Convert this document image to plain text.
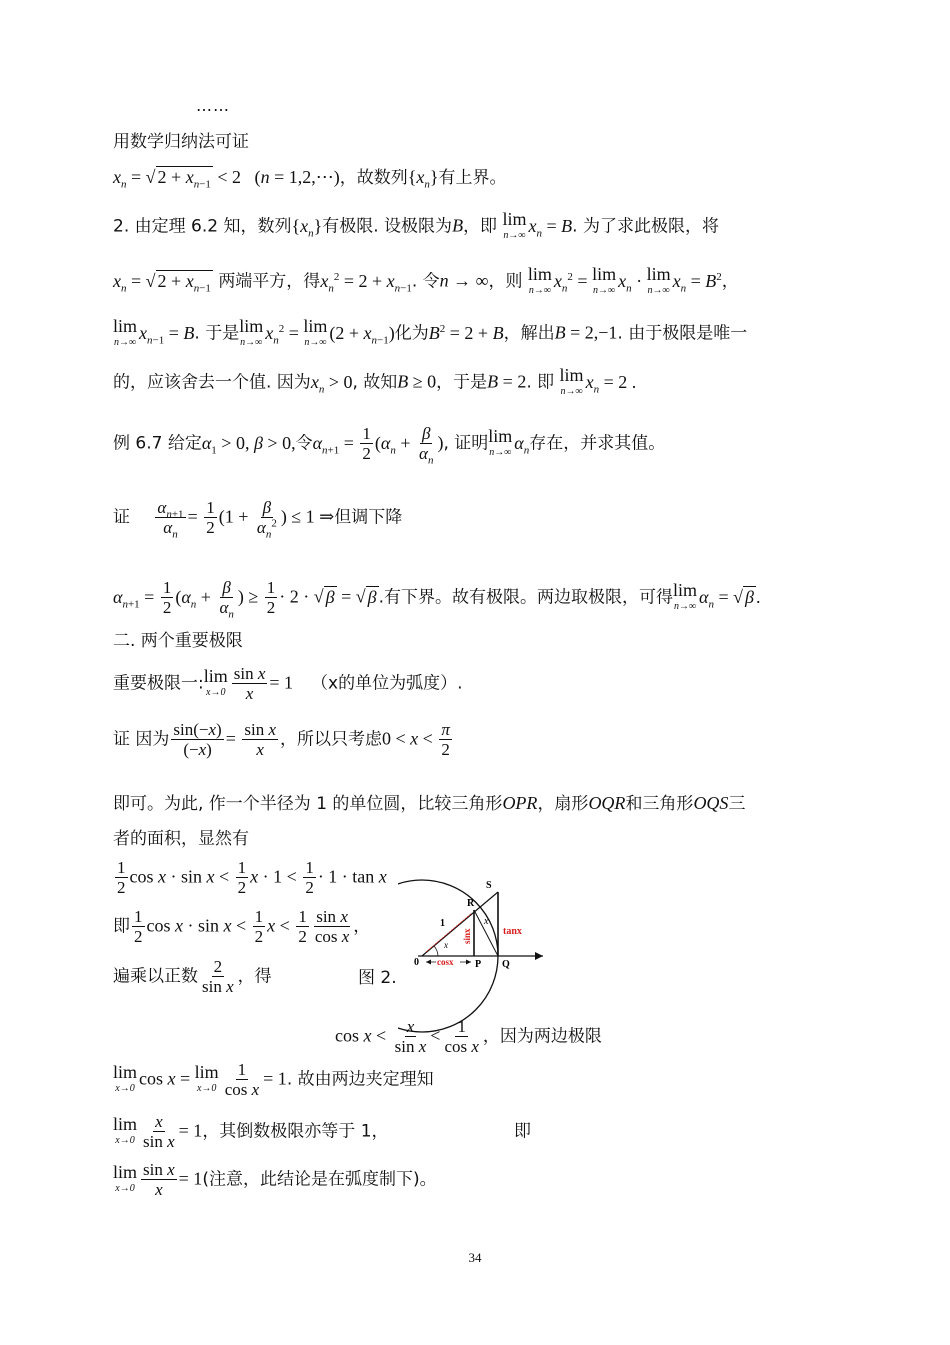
……
用数学归纳法可证
$x_n$ = √ $2 + x_{n-1} < 2$   (n = 1,2,⋯)，故数列$\{x_n\}$有上界。
2. 由定理 6.2 知，数列$\{x_n\}$有极限. 设极限为B，即 lim
n→∞ $x_n = B$. 为了求此极限，将
$x_n$ = √ $2 + x_{n-1}$ 两端平方，得$x_n^2 = 2 + x_{n-1}$. 令n → ∞，则 lim
n→∞ $x_n^2 = \lim$
n→∞ $x_n \cdot \lim$
n→∞ $x_n = B^2$，
lim
n→∞ $x_{n-1} = B$. 于是 lim
n→∞ $x_n^2 = \lim$
n→∞ $(2 + x_{n-1})$化为$B^2 = 2 + B$，解出B = 2,−1. 由于极限是唯一
的，应该舍去一个值. 因为$x_n > 0$, 故知B ≥ 0，于是B = 2. 即 lim
n→∞ $x_n = 2$ .
例 6.7 给定$\alpha_1 > 0$, β > 0,令$\alpha_{n+1} = \frac{1}{2} (\alpha_n + \frac{\beta}{\alpha_n}$ ), 证明 lim
n→∞ $\alpha_n$存在，并求其值。
证 $\frac{\alpha_{n+1}}{\alpha_n} = \frac{1}{2} (1 + \frac{\beta}{\alpha_n^2}$ ) ≤ 1 ⇒但调下降
$\alpha_{n+1} = \frac{1}{2} (\alpha_n + \frac{\beta}{\alpha_n}$ ) ≥ $\frac{1}{2} \cdot 2$ · √ β = √ β .有下界。故有极限。两边取极限，可得 lim
n→∞ $\alpha_n$ = √ β .
二. 两个重要极限
重要极限一: lim
$x\to 0 \frac{\text{sin x}}{x} = 1$ （x的单位为弧度）.
证 因为 $\frac{\sin(-x)}{(-x)} = \frac{\text{sin x}}{x}$ ，所以只考虑$0 < x < \frac{\pi}{2}$
即可。为此, 作一个半径为 1 的单位圆，比较三角形OPR，扇形OQR和三角形OQS三
者的面积，显然有
$\frac{1}{2}$ $\cos x \cdot \sin x < \frac{1}{2}$ $x \cdot 1 < \frac{1}{2} \cdot 1 \cdot \tan x$
即 $\frac{1}{2}$ $\cos x \cdot \sin x < \frac{1}{2}$ $x < \frac{1}{2} \frac{\text{sin x}}{\text{cos x}}$ ，
遍乘以正数 $\frac{2}{\text{sin x}}$ ，得	图 2.
$\cos x < \frac{x}{\text{sin x}} < \frac{1}{\text{cos x}}$ ，因为两边极限
lim
x→0 cos x = lim
$x\to 0 \frac{1}{\text{cos x}} = 1$. 故由两边夹定理知
lim
$x\to 0 \frac{x}{\text{sin x}} = 1$，其倒数极限亦等于 1，	即
lim
$x\to 0 \frac{\text{sin x}}{x} = 1$(注意，此结论是在弧度制下)。
S
R
0	P Q
1
x
x
sinx	tanx
cosx
34
